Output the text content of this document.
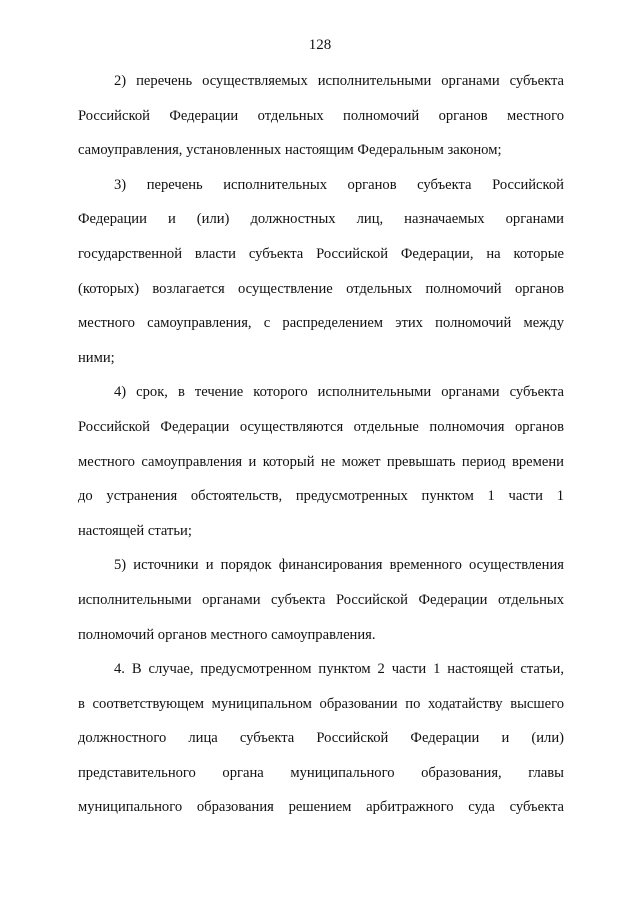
128
2) перечень осуществляемых исполнительными органами субъекта
Российской Федерации отдельных полномочий органов местного
самоуправления, установленных настоящим Федеральным законом;
3) перечень исполнительных органов субъекта Российской
Федерации и (или) должностных лиц, назначаемых органами
государственной власти субъекта Российской Федерации, на которые
(которых) возлагается осуществление отдельных полномочий органов
местного самоуправления, с распределением этих полномочий между
ними;
4) срок, в течение которого исполнительными органами субъекта
Российской Федерации осуществляются отдельные полномочия органов
местного самоуправления и который не может превышать период времени
до устранения обстоятельств, предусмотренных пунктом 1 части 1
настоящей статьи;
5) источники и порядок финансирования временного осуществления
исполнительными органами субъекта Российской Федерации отдельных
полномочий органов местного самоуправления.
4. В случае, предусмотренном пунктом 2 части 1 настоящей статьи,
в соответствующем муниципальном образовании по ходатайству высшего
должностного лица субъекта Российской Федерации и (или)
представительного органа муниципального образования, главы
муниципального образования решением арбитражного суда субъекта
